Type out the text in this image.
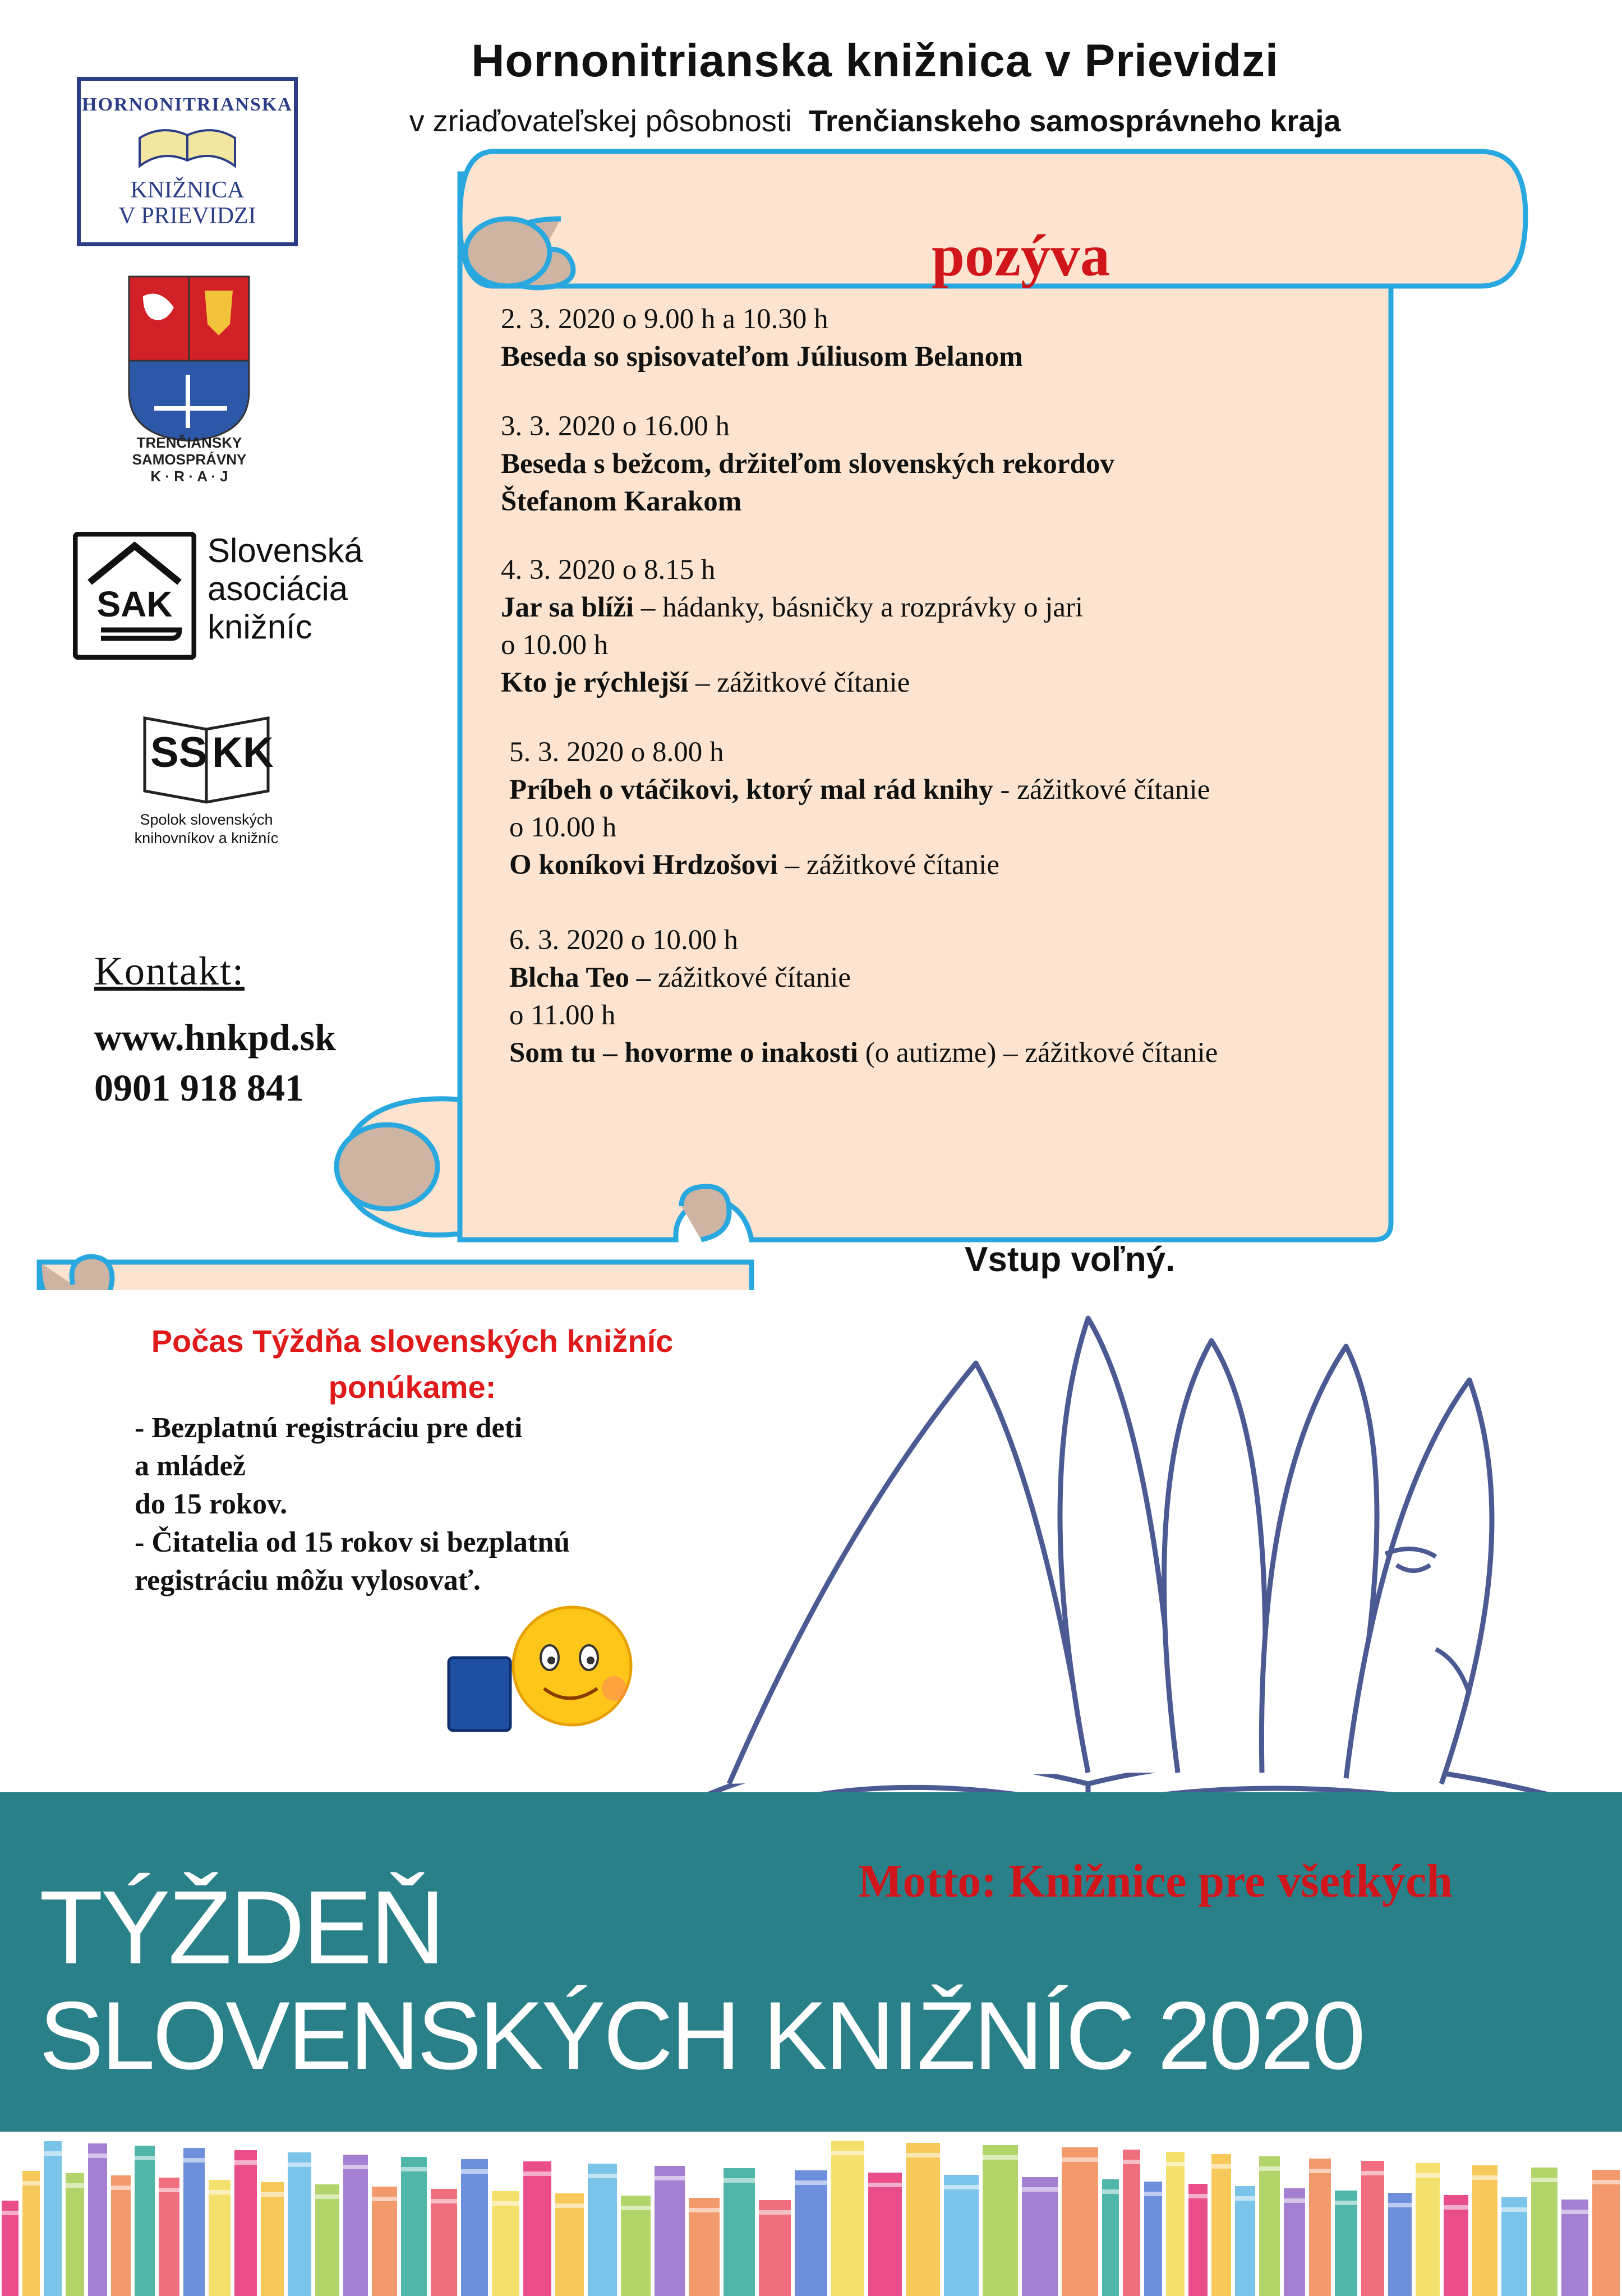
Hornonitrianska knižnica v Prievidzi
v zriaďovateľskej pôsobnosti Trenčianskeho samosprávneho kraja
HORNONITRIANSKA
KNIŽNICA
V PRIEVIDZI
TRENČIANSKY
SAMOSPRÁVNY
K · R · A · J
SAK
Slovenská
asociácia
knižníc
SS KK
Spolok slovenských
knihovníkov a knižníc
Kontakt:
www.hnkpd.sk
0901 918 841
pozýva
2. 3. 2020 o 9.00 h a 10.30 h
Beseda so spisovateľom Júliusom Belanom
3. 3. 2020 o 16.00 h
Beseda s bežcom, držiteľom slovenských rekordov
Štefanom Karakom
4. 3. 2020 o 8.15 h
Jar sa blíži – hádanky, básničky a rozprávky o jari
o 10.00 h
Kto je rýchlejší – zážitkové čítanie
5. 3. 2020 o 8.00 h
Príbeh o vtáčikovi, ktorý mal rád knihy - zážitkové čítanie
o 10.00 h
O koníkovi Hrdzošovi – zážitkové čítanie
6. 3. 2020 o 10.00 h
Blcha Teo – zážitkové čítanie
o 11.00 h
Som tu – hovorme o inakosti (o autizme) – zážitkové čítanie
Vstup voľný.
Počas Týždňa slovenských knižníc
ponúkame:
- Bezplatnú registráciu pre deti
a mládež
do 15 rokov.
- Čitatelia od 15 rokov si bezplatnú
registráciu môžu vylosovať.
Motto: Knižnice pre všetkých
TÝŽDEŇ
SLOVENSKÝCH KNIŽNÍC 2020
